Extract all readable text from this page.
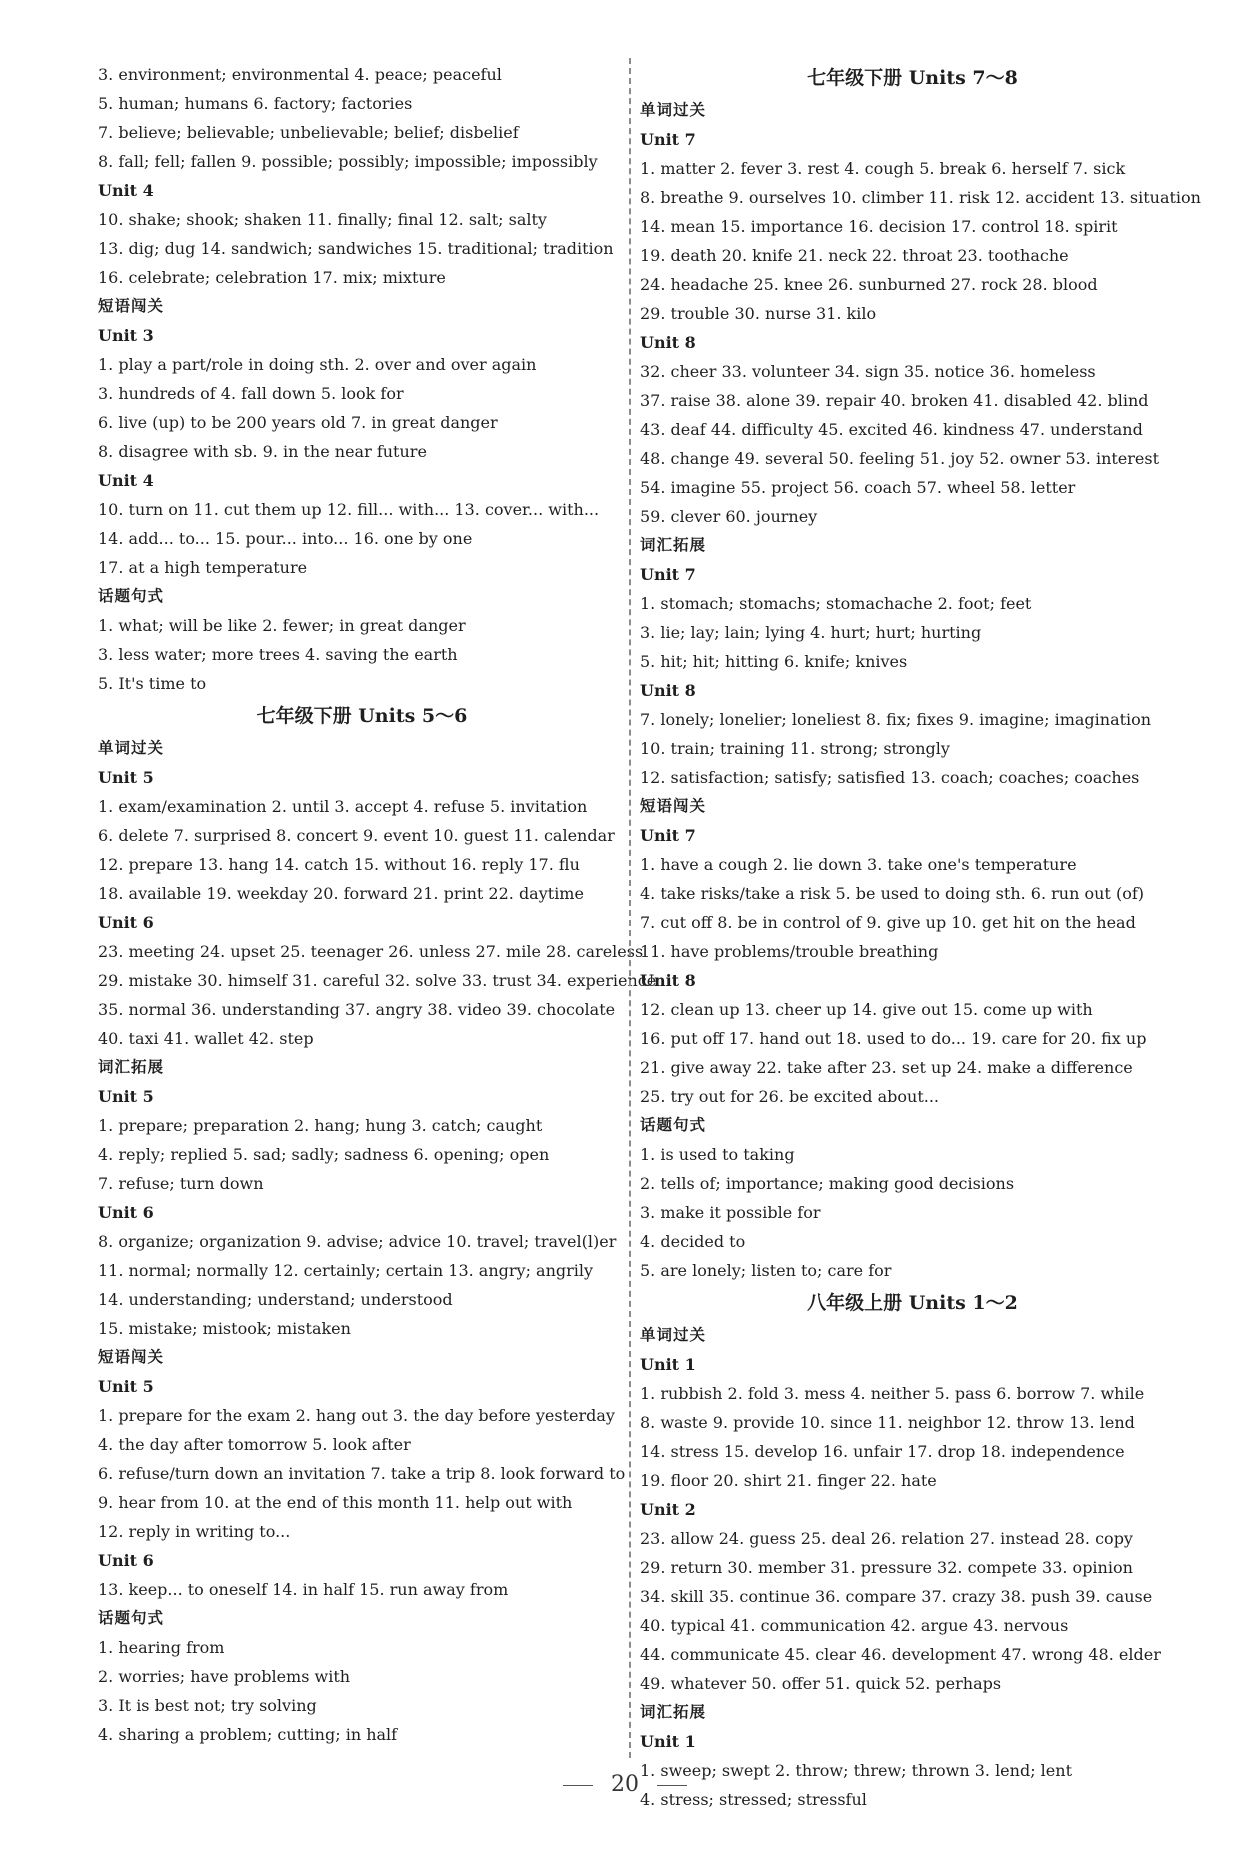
3. environment; environmental 4. peace; peaceful
5. human; humans 6. factory; factories
7. believe; believable; unbelievable; belief; disbelief
8. fall; fell; fallen 9. possible; possibly; impossible; impossibly
Unit 4
10. shake; shook; shaken 11. finally; final 12. salt; salty
13. dig; dug 14. sandwich; sandwiches 15. traditional; tradition
16. celebrate; celebration 17. mix; mixture
短语闯关
Unit 3
1. play a part/role in doing sth. 2. over and over again
3. hundreds of 4. fall down 5. look for
6. live (up) to be 200 years old 7. in great danger
8. disagree with sb. 9. in the near future
Unit 4
10. turn on 11. cut them up 12. fill... with... 13. cover... with...
14. add... to... 15. pour... into... 16. one by one
17. at a high temperature
话题句式
1. what; will be like 2. fewer; in great danger
3. less water; more trees 4. saving the earth
5. It's time to
七年级下册 Units 5～6
单词过关
Unit 5
1. exam/examination 2. until 3. accept 4. refuse 5. invitation
6. delete 7. surprised 8. concert 9. event 10. guest 11. calendar
12. prepare 13. hang 14. catch 15. without 16. reply 17. flu
18. available 19. weekday 20. forward 21. print 22. daytime
Unit 6
23. meeting 24. upset 25. teenager 26. unless 27. mile 28. careless
29. mistake 30. himself 31. careful 32. solve 33. trust 34. experience
35. normal 36. understanding 37. angry 38. video 39. chocolate
40. taxi 41. wallet 42. step
词汇拓展
Unit 5
1. prepare; preparation 2. hang; hung 3. catch; caught
4. reply; replied 5. sad; sadly; sadness 6. opening; open
7. refuse; turn down
Unit 6
8. organize; organization 9. advise; advice 10. travel; travel(l)er
11. normal; normally 12. certainly; certain 13. angry; angrily
14. understanding; understand; understood
15. mistake; mistook; mistaken
短语闯关
Unit 5
1. prepare for the exam 2. hang out 3. the day before yesterday
4. the day after tomorrow 5. look after
6. refuse/turn down an invitation 7. take a trip 8. look forward to
9. hear from 10. at the end of this month 11. help out with
12. reply in writing to...
Unit 6
13. keep... to oneself 14. in half 15. run away from
话题句式
1. hearing from
2. worries; have problems with
3. It is best not; try solving
4. sharing a problem; cutting; in half
七年级下册 Units 7～8
单词过关
Unit 7
1. matter 2. fever 3. rest 4. cough 5. break 6. herself 7. sick
8. breathe 9. ourselves 10. climber 11. risk 12. accident 13. situation
14. mean 15. importance 16. decision 17. control 18. spirit
19. death 20. knife 21. neck 22. throat 23. toothache
24. headache 25. knee 26. sunburned 27. rock 28. blood
29. trouble 30. nurse 31. kilo
Unit 8
32. cheer 33. volunteer 34. sign 35. notice 36. homeless
37. raise 38. alone 39. repair 40. broken 41. disabled 42. blind
43. deaf 44. difficulty 45. excited 46. kindness 47. understand
48. change 49. several 50. feeling 51. joy 52. owner 53. interest
54. imagine 55. project 56. coach 57. wheel 58. letter
59. clever 60. journey
词汇拓展
Unit 7
1. stomach; stomachs; stomachache 2. foot; feet
3. lie; lay; lain; lying 4. hurt; hurt; hurting
5. hit; hit; hitting 6. knife; knives
Unit 8
7. lonely; lonelier; loneliest 8. fix; fixes 9. imagine; imagination
10. train; training 11. strong; strongly
12. satisfaction; satisfy; satisfied 13. coach; coaches; coaches
短语闯关
Unit 7
1. have a cough 2. lie down 3. take one's temperature
4. take risks/take a risk 5. be used to doing sth. 6. run out (of)
7. cut off 8. be in control of 9. give up 10. get hit on the head
11. have problems/trouble breathing
Unit 8
12. clean up 13. cheer up 14. give out 15. come up with
16. put off 17. hand out 18. used to do... 19. care for 20. fix up
21. give away 22. take after 23. set up 24. make a difference
25. try out for 26. be excited about...
话题句式
1. is used to taking
2. tells of; importance; making good decisions
3. make it possible for
4. decided to
5. are lonely; listen to; care for
八年级上册 Units 1～2
单词过关
Unit 1
1. rubbish 2. fold 3. mess 4. neither 5. pass 6. borrow 7. while
8. waste 9. provide 10. since 11. neighbor 12. throw 13. lend
14. stress 15. develop 16. unfair 17. drop 18. independence
19. floor 20. shirt 21. finger 22. hate
Unit 2
23. allow 24. guess 25. deal 26. relation 27. instead 28. copy
29. return 30. member 31. pressure 32. compete 33. opinion
34. skill 35. continue 36. compare 37. crazy 38. push 39. cause
40. typical 41. communication 42. argue 43. nervous
44. communicate 45. clear 46. development 47. wrong 48. elder
49. whatever 50. offer 51. quick 52. perhaps
词汇拓展
Unit 1
1. sweep; swept 2. throw; threw; thrown 3. lend; lent
4. stress; stressed; stressful
20
